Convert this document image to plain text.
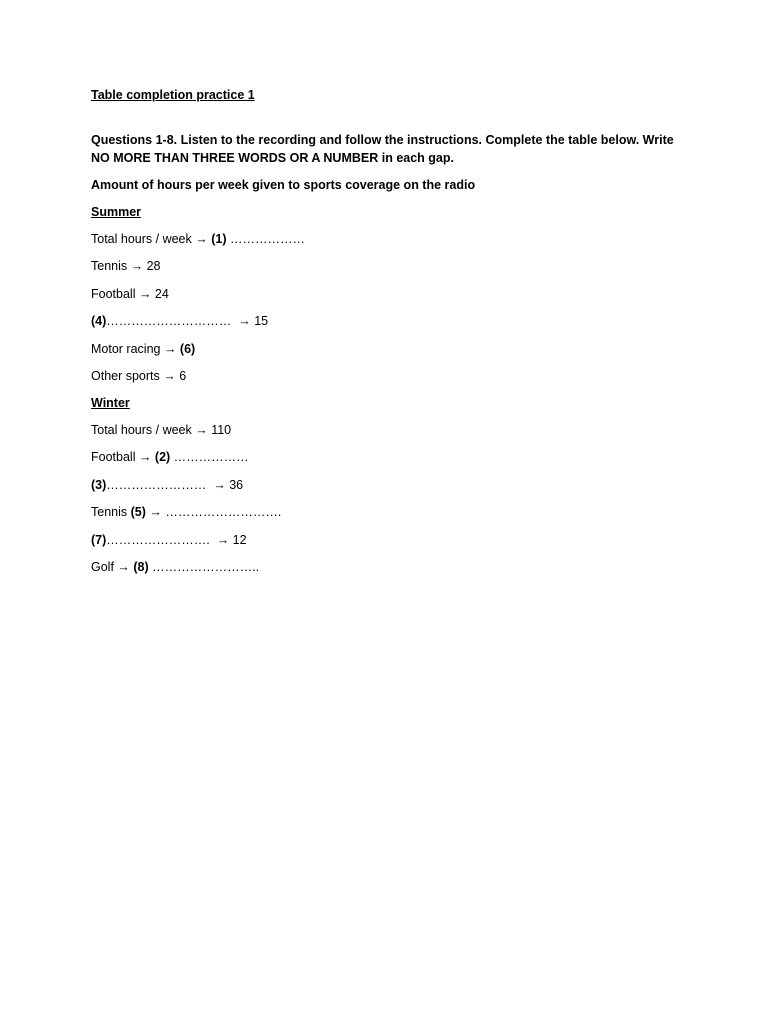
Table completion practice 1

Questions 1-8. Listen to the recording and follow the instructions. Complete the table below. Write NO MORE THAN THREE WORDS OR A NUMBER in each gap.

Amount of hours per week given to sports coverage on the radio

Summer

Total hours / week → (1) ………………

Tennis → 28

Football → 24

(4)…………………………  → 15

Motor racing → (6)

Other sports → 6

Winter

Total hours / week → 110

Football → (2) ………………

(3)……………………  → 36

Tennis (5) → ……………………….

(7)…………………….  → 12

Golf → (8) ……………………..
